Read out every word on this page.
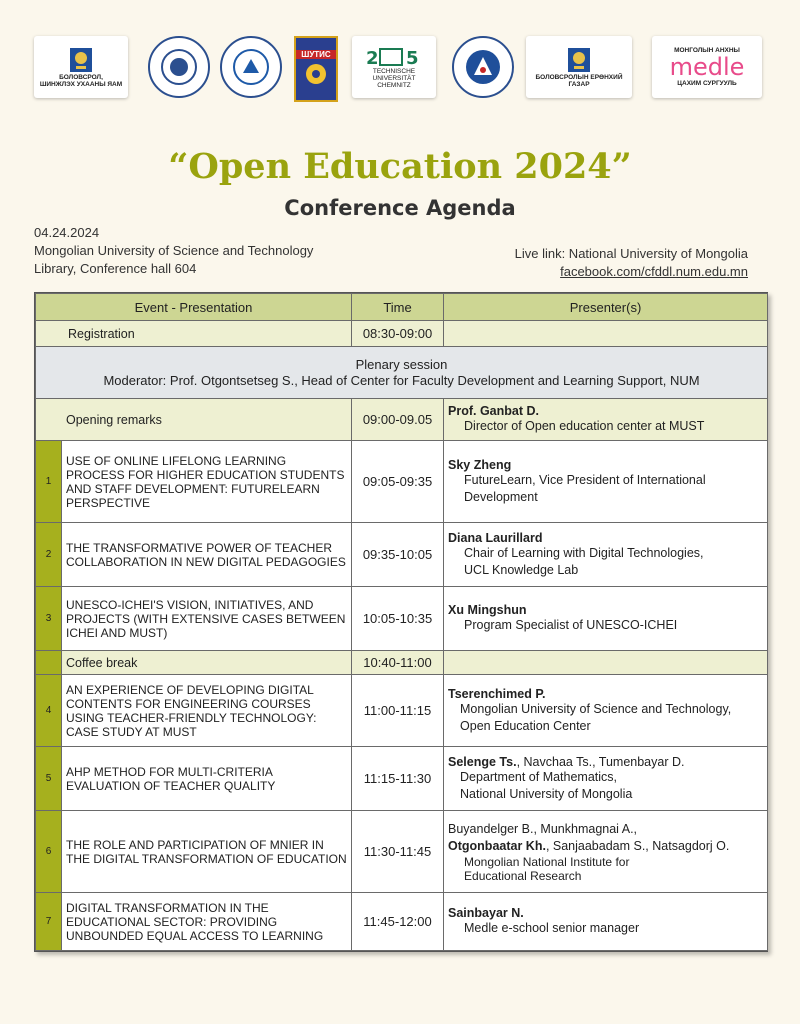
БОЛОВСРОЛ,
ШИНЖЛЭХ УХААНЫ ЯАМ
ШУТИС 2 5
TECHNISCHE UNIVERSITÄT
CHEMNITZ
БОЛОВСРОЛЫН ЕРӨНХИЙ ГАЗАР
МОНГОЛЫН АНХНЫ
medle
ЦАХИМ СУРГУУЛЬ
“Open Education 2024”
Conference Agenda
04.24.2024
Mongolian University of Science and Technology
Library, Conference hall 604
Live link: National University of Mongolia
facebook.com/cfddl.num.edu.mn
Event - Presentation		Time	Presenter(s)
Registration		08:30-09:00	

Plenary session
Moderator: Prof. Otgontsetseg S., Head of Center for Faculty Development and Learning Support, NUM			

Opening remarks		09:00-09.05	Prof. Ganbat D.
Director of Open education center at MUST

1	USE OF ONLINE LIFELONG LEARNING PROCESS FOR HIGHER EDUCATION STUDENTS AND STAFF DEVELOPMENT: FUTURELEARN PERSPECTIVE	09:05-09:35	Sky Zheng
FutureLearn, Vice President of International
Development

2	THE TRANSFORMATIVE POWER OF TEACHER COLLABORATION IN NEW DIGITAL PEDAGOGIES	09:35-10:05	Diana Laurillard
Chair of Learning with Digital Technologies,
UCL Knowledge Lab

3	UNESCO-ICHEI'S VISION, INITIATIVES, AND PROJECTS (WITH EXTENSIVE CASES BETWEEN ICHEI AND MUST)	10:05-10:35	Xu Mingshun
Program Specialist of UNESCO-ICHEI

	Coffee break	10:40-11:00	
4	AN EXPERIENCE OF DEVELOPING DIGITAL CONTENTS FOR ENGINEERING COURSES USING TEACHER-FRIENDLY TECHNOLOGY: CASE STUDY AT MUST	11:00-11:15	Tserenchimed P.
Mongolian University of Science and Technology,
Open Education Center

5	AHP METHOD FOR MULTI-CRITERIA EVALUATION OF TEACHER QUALITY	11:15-11:30	Selenge Ts., Navchaa Ts., Tumenbayar D.
Department of Mathematics,
National University of Mongolia

6	THE ROLE AND PARTICIPATION OF MNIER IN THE DIGITAL TRANSFORMATION OF EDUCATION	11:30-11:45	Buyandelger B., Munkhmagnai A.,
Otgonbaatar Kh., Sanjaabadam S., Natsagdorj O.
Mongolian National Institute for
Educational Research

7	DIGITAL TRANSFORMATION IN THE EDUCATIONAL SECTOR: PROVIDING UNBOUNDED EQUAL ACCESS TO LEARNING	11:45-12:00	Sainbayar N.
Medle e-school senior manager
